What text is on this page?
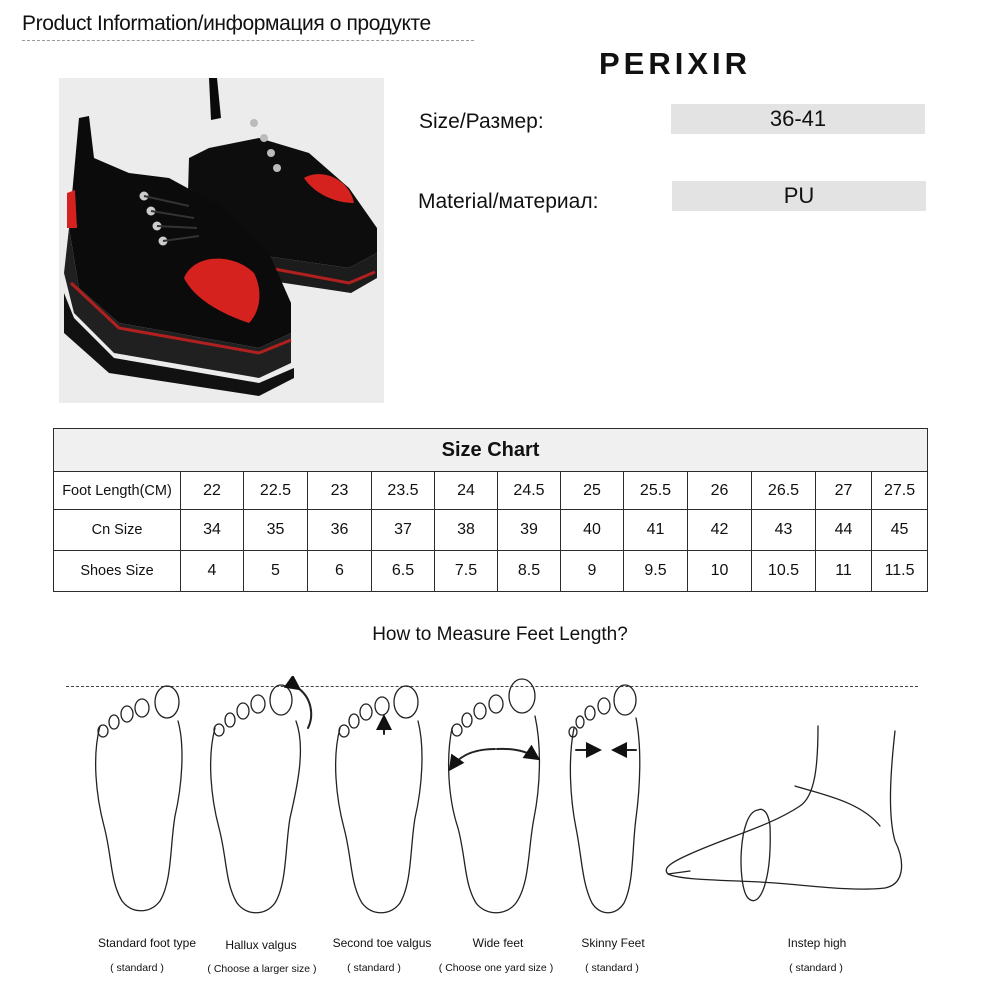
Product Information/информация о продукте
PERIXIR
Size/Размер:	36-41
Material/материал:	PU
Size Chart												
Foot Length(CM)	22	22.5	23	23.5	24	24.5	25	25.5	26	26.5	27	27.5
Cn Size	34	35	36	37	38	39	40	41	42	43	44	45
Shoes Size	4	5	6	6.5	7.5	8.5	9	9.5	10	10.5	11	11.5
How to Measure Feet Length?
Standard foot type
( standard )
Hallux valgus
( Choose a larger size )
Second toe valgus
( standard )
Wide feet
( Choose one yard size )
Skinny Feet
( standard )
Instep high
( standard )
